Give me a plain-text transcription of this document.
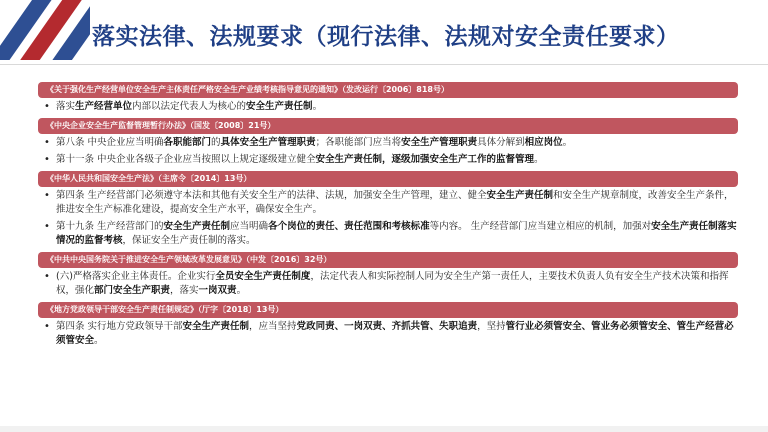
落实法律、法规要求（现行法律、法规对安全责任要求）
《关于强化生产经营单位安全生产主体责任严格安全生产业绩考核指导意见的通知》（发改运行〔2006〕818号）
• 落实生产经营单位内部以法定代表人为核心的安全生产责任制。
《中央企业安全生产监督管理暂行办法》（国发〔2008〕21号）
• 第八条 中央企业应当明确各职能部门的具体安全生产管理职责；各职能部门应当将安全生产管理职责具体分解到相应岗位。
• 第十一条 中央企业各级子企业应当按照以上规定逐级建立健全安全生产责任制，逐级加强安全生产工作的监督管理。
《中华人民共和国安全生产法》（主席令〔2014〕13号）
• 第四条 生产经营部门必须遵守本法和其他有关安全生产的法律、法规，加强安全生产管理，建立、健全安全生产责任制和安全生产规章制度，改善安全生产条件，推进安全生产标准化建设，提高安全生产水平，确保安全生产。
• 第十九条 生产经营部门的安全生产责任制应当明确各个岗位的责任、责任范围和考核标准等内容。 生产经营部门应当建立相应的机制，加强对安全生产责任制落实情况的监督考核，保证安全生产责任制的落实。
《中共中央国务院关于推进安全生产领域改革发展意见》（中发〔2016〕32号）
• (六)严格落实企业主体责任。企业实行全员安全生产责任制度，法定代表人和实际控制人同为安全生产第一责任人，主要技术负责人负有安全生产技术决策和指挥权，强化部门安全生产职责，落实一岗双责。
《地方党政领导干部安全生产责任制规定》（厅字〔2018〕13号）
• 第四条 实行地方党政领导干部安全生产责任制，应当坚持党政同责、一岗双责、齐抓共管、失职追责，坚持管行业必须管安全、管业务必须管安全、管生产经营必须管安全。
